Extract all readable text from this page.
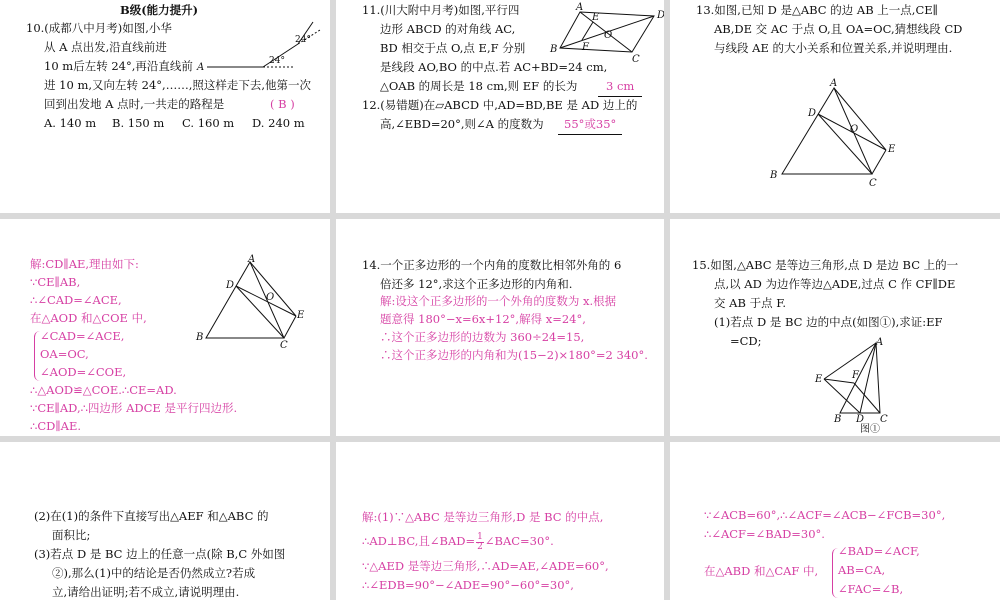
B级(能力提升)
10.(成都八中月考)如图,小华
从 A 点出发,沿直线前进
10 m后左转 24°,再沿直线前
进 10 m,又向左转 24°,……,照这样走下去,他第一次
回到出发地 A 点时,一共走的路程是	( B )
A. 140 m B. 150 m C. 160 m D. 240 m
A
24°
24°
11.(川大附中月考)如图,平行四
边形 ABCD 的对角线 AC,
BD 相交于点 O,点 E,F 分别
是线段 AO,BO 的中点.若 AC+BD=24 cm,
△OAB 的周长是 18 cm,则 EF 的长为	3 cm
12.(易错题)在▱ABCD 中,AD=BD,BE 是 AD 边上的
高,∠EBD=20°,则∠A 的度数为	55°或35°
A
B
C
D
E
F
O
13.如图,已知 D 是△ABC 的边 AB 上一点,CE∥
AB,DE 交 AC 于点 O,且 OA=OC,猜想线段 CD
与线段 AE 的大小关系和位置关系,并说明理由.
A
B
C
D
E
O
解:CD∥AE,理由如下:
∵CE∥AB,
∴∠CAD=∠ACE,
在△AOD 和△COE 中,
∠CAD=∠ACE,
OA=OC,
∠AOD=∠COE,
∴△AOD≌△COE.∴CE=AD.
∵CE∥AD,∴四边形 ADCE 是平行四边形.
∴CD∥AE.
A
B
C
D
E
O
14.一个正多边形的一个内角的度数比相邻外角的 6
倍还多 12°,求这个正多边形的内角和.
解:设这个正多边形的一个外角的度数为 x.根据
题意得 180°−x=6x+12°,解得 x=24°,
∴这个正多边形的边数为 360÷24=15,
∴这个正多边形的内角和为(15−2)×180°=2 340°.
15.如图,△ABC 是等边三角形,点 D 是边 BC 上的一
点,以 AD 为边作等边△ADE,过点 C 作 CF∥DE
交 AB 于点 F.
(1)若点 D 是 BC 边的中点(如图①),求证:EF
=CD;	A
B	C
D
E	F
图①
(2)在(1)的条件下直接写出△AEF 和△ABC 的
面积比;
(3)若点 D 是 BC 边上的任意一点(除 B,C 外如图
②),那么(1)中的结论是否仍然成立?若成
立,请给出证明;若不成立,请说明理由.
解:(1)∵△ABC 是等边三角形,D 是 BC 的中点,
∴AD⊥BC,且∠BAD= $\frac{1}{2}$ ∠BAC=30°.
∵△AED 是等边三角形,∴AD=AE,∠ADE=60°,
∴∠EDB=90°−∠ADE=90°−60°=30°,
∵∠ACB=60°,∴∠ACF=∠ACB−∠FCB=30°,
∴∠ACF=∠BAD=30°.
在△ABD 和△CAF 中,
∠BAD=∠ACF,
AB=CA,
∠FAC=∠B,
